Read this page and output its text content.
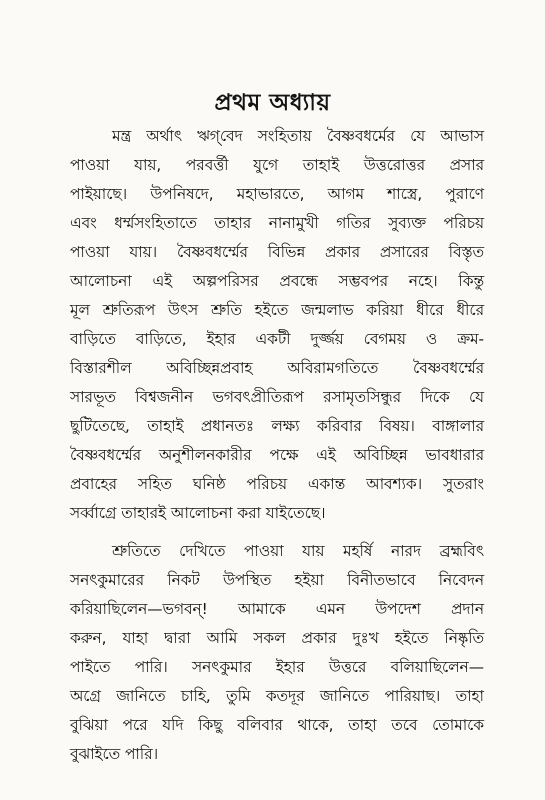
প্রথম অধ্যায়
মন্ত্র অর্থাৎ ঋগ্‌বেদ সংহিতায় বৈষ্ণবধর্মের যে আভাস
পাওয়া যায়, পরবর্ত্তী যুগে তাহাই উত্তরোত্তর প্রসার
পাইয়াছে। উপনিষদে, মহাভারতে, আগম শাস্ত্রে, পুরাণে
এবং ধর্ম্মসংহিতাতে তাহার নানামুখী গতির সুব্যক্ত পরিচয়
পাওয়া যায়। বৈষ্ণবধর্ম্মের বিভিন্ন প্রকার প্রসারের বিস্তৃত
আলোচনা এই অল্পপরিসর প্রবন্ধে সম্ভবপর নহে। কিন্তু
মূল শ্রুতিরূপ উৎস শ্রুতি হইতে জন্মলাভ করিয়া ধীরে ধীরে
বাড়িতে বাড়িতে, ইহার একটী দুর্জ্জয় বেগময় ও ক্রম-
বিস্তারশীল অবিচ্ছিন্নপ্রবাহ অবিরামগতিতে বৈষ্ণবধর্ম্মের
সারভূত বিশ্বজনীন ভগবৎপ্রীতিরূপ রসামৃতসিন্ধুর দিকে যে
ছুটিতেছে, তাহাই প্রধানতঃ লক্ষ্য করিবার বিষয়। বাঙ্গালার
বৈষ্ণবধর্ম্মের অনুশীলনকারীর পক্ষে এই অবিচ্ছিন্ন ভাবধারার
প্রবাহের সহিত ঘনিষ্ঠ পরিচয় একান্ত আবশ্যক। সুতরাং
সর্ব্বাগ্রে তাহারই আলোচনা করা যাইতেছে।
শ্রুতিতে দেখিতে পাওয়া যায় মহর্ষি নারদ ব্রহ্মবিৎ
সনৎকুমারের নিকট উপস্থিত হইয়া বিনীতভাবে নিবেদন
করিয়াছিলেন—ভগবন্‌! আমাকে এমন উপদেশ প্রদান
করুন, যাহা দ্বারা আমি সকল প্রকার দুঃখ হইতে নিষ্কৃতি
পাইতে পারি। সনৎকুমার ইহার উত্তরে বলিয়াছিলেন—
অগ্রে জানিতে চাহি, তুমি কতদূর জানিতে পারিয়াছ। তাহা
বুঝিয়া পরে যদি কিছু বলিবার থাকে, তাহা তবে তোমাকে
বুঝাইতে পারি।
